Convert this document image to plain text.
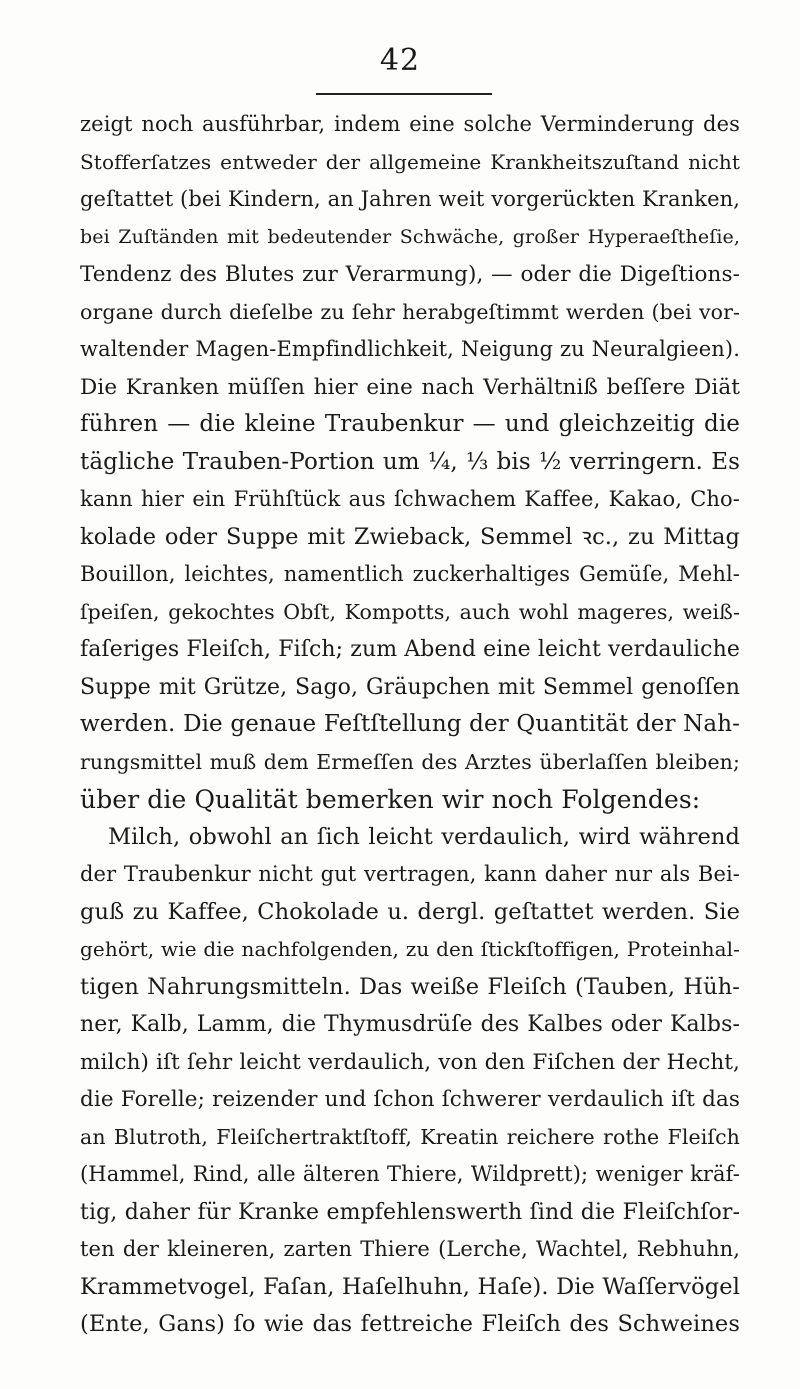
42
zeigt noch ausführbar, indem eine solche Verminderung des
Stofferſatzes entweder der allgemeine Krankheitszuſtand nicht
geſtattet (bei Kindern, an Jahren weit vorgerückten Kranken,
bei Zuſtänden mit bedeutender Schwäche, großer Hyperaeſtheſie,
Tendenz des Blutes zur Verarmung), — oder die Digeſtions-
organe durch dieſelbe zu ſehr herabgeſtimmt werden (bei vor-
waltender Magen-Empfindlichkeit, Neigung zu Neuralgieen).
Die Kranken müſſen hier eine nach Verhältniß beſſere Diät
führen — die kleine Traubenkur — und gleichzeitig die
tägliche Trauben-Portion um ¼, ⅓ bis ½ verringern. Es
kann hier ein Frühſtück aus ſchwachem Kaffee, Kakao, Cho-
kolade oder Suppe mit Zwieback, Semmel ꝛc., zu Mittag
Bouillon, leichtes, namentlich zuckerhaltiges Gemüſe, Mehl-
ſpeiſen, gekochtes Obſt, Kompotts, auch wohl mageres, weiß-
faſeriges Fleiſch, Fiſch; zum Abend eine leicht verdauliche
Suppe mit Grütze, Sago, Gräupchen mit Semmel genoſſen
werden. Die genaue Feſtſtellung der Quantität der Nah-
rungsmittel muß dem Ermeſſen des Arztes überlaſſen bleiben;
über die Qualität bemerken wir noch Folgendes:
Milch, obwohl an ſich leicht verdaulich, wird während
der Traubenkur nicht gut vertragen, kann daher nur als Bei-
guß zu Kaffee, Chokolade u. dergl. geſtattet werden. Sie
gehört, wie die nachfolgenden, zu den ſtickſtoffigen, Proteinhal-
tigen Nahrungsmitteln. Das weiße Fleiſch (Tauben, Hüh-
ner, Kalb, Lamm, die Thymusdrüſe des Kalbes oder Kalbs-
milch) iſt ſehr leicht verdaulich, von den Fiſchen der Hecht,
die Forelle; reizender und ſchon ſchwerer verdaulich iſt das
an Blutroth, Fleiſchertraktſtoff, Kreatin reichere rothe Fleiſch
(Hammel, Rind, alle älteren Thiere, Wildprett); weniger kräf-
tig, daher für Kranke empfehlenswerth ſind die Fleiſchſor-
ten der kleineren, zarten Thiere (Lerche, Wachtel, Rebhuhn,
Krammetvogel, Faſan, Haſelhuhn, Haſe). Die Waſſervögel
(Ente, Gans) ſo wie das fettreiche Fleiſch des Schweines
